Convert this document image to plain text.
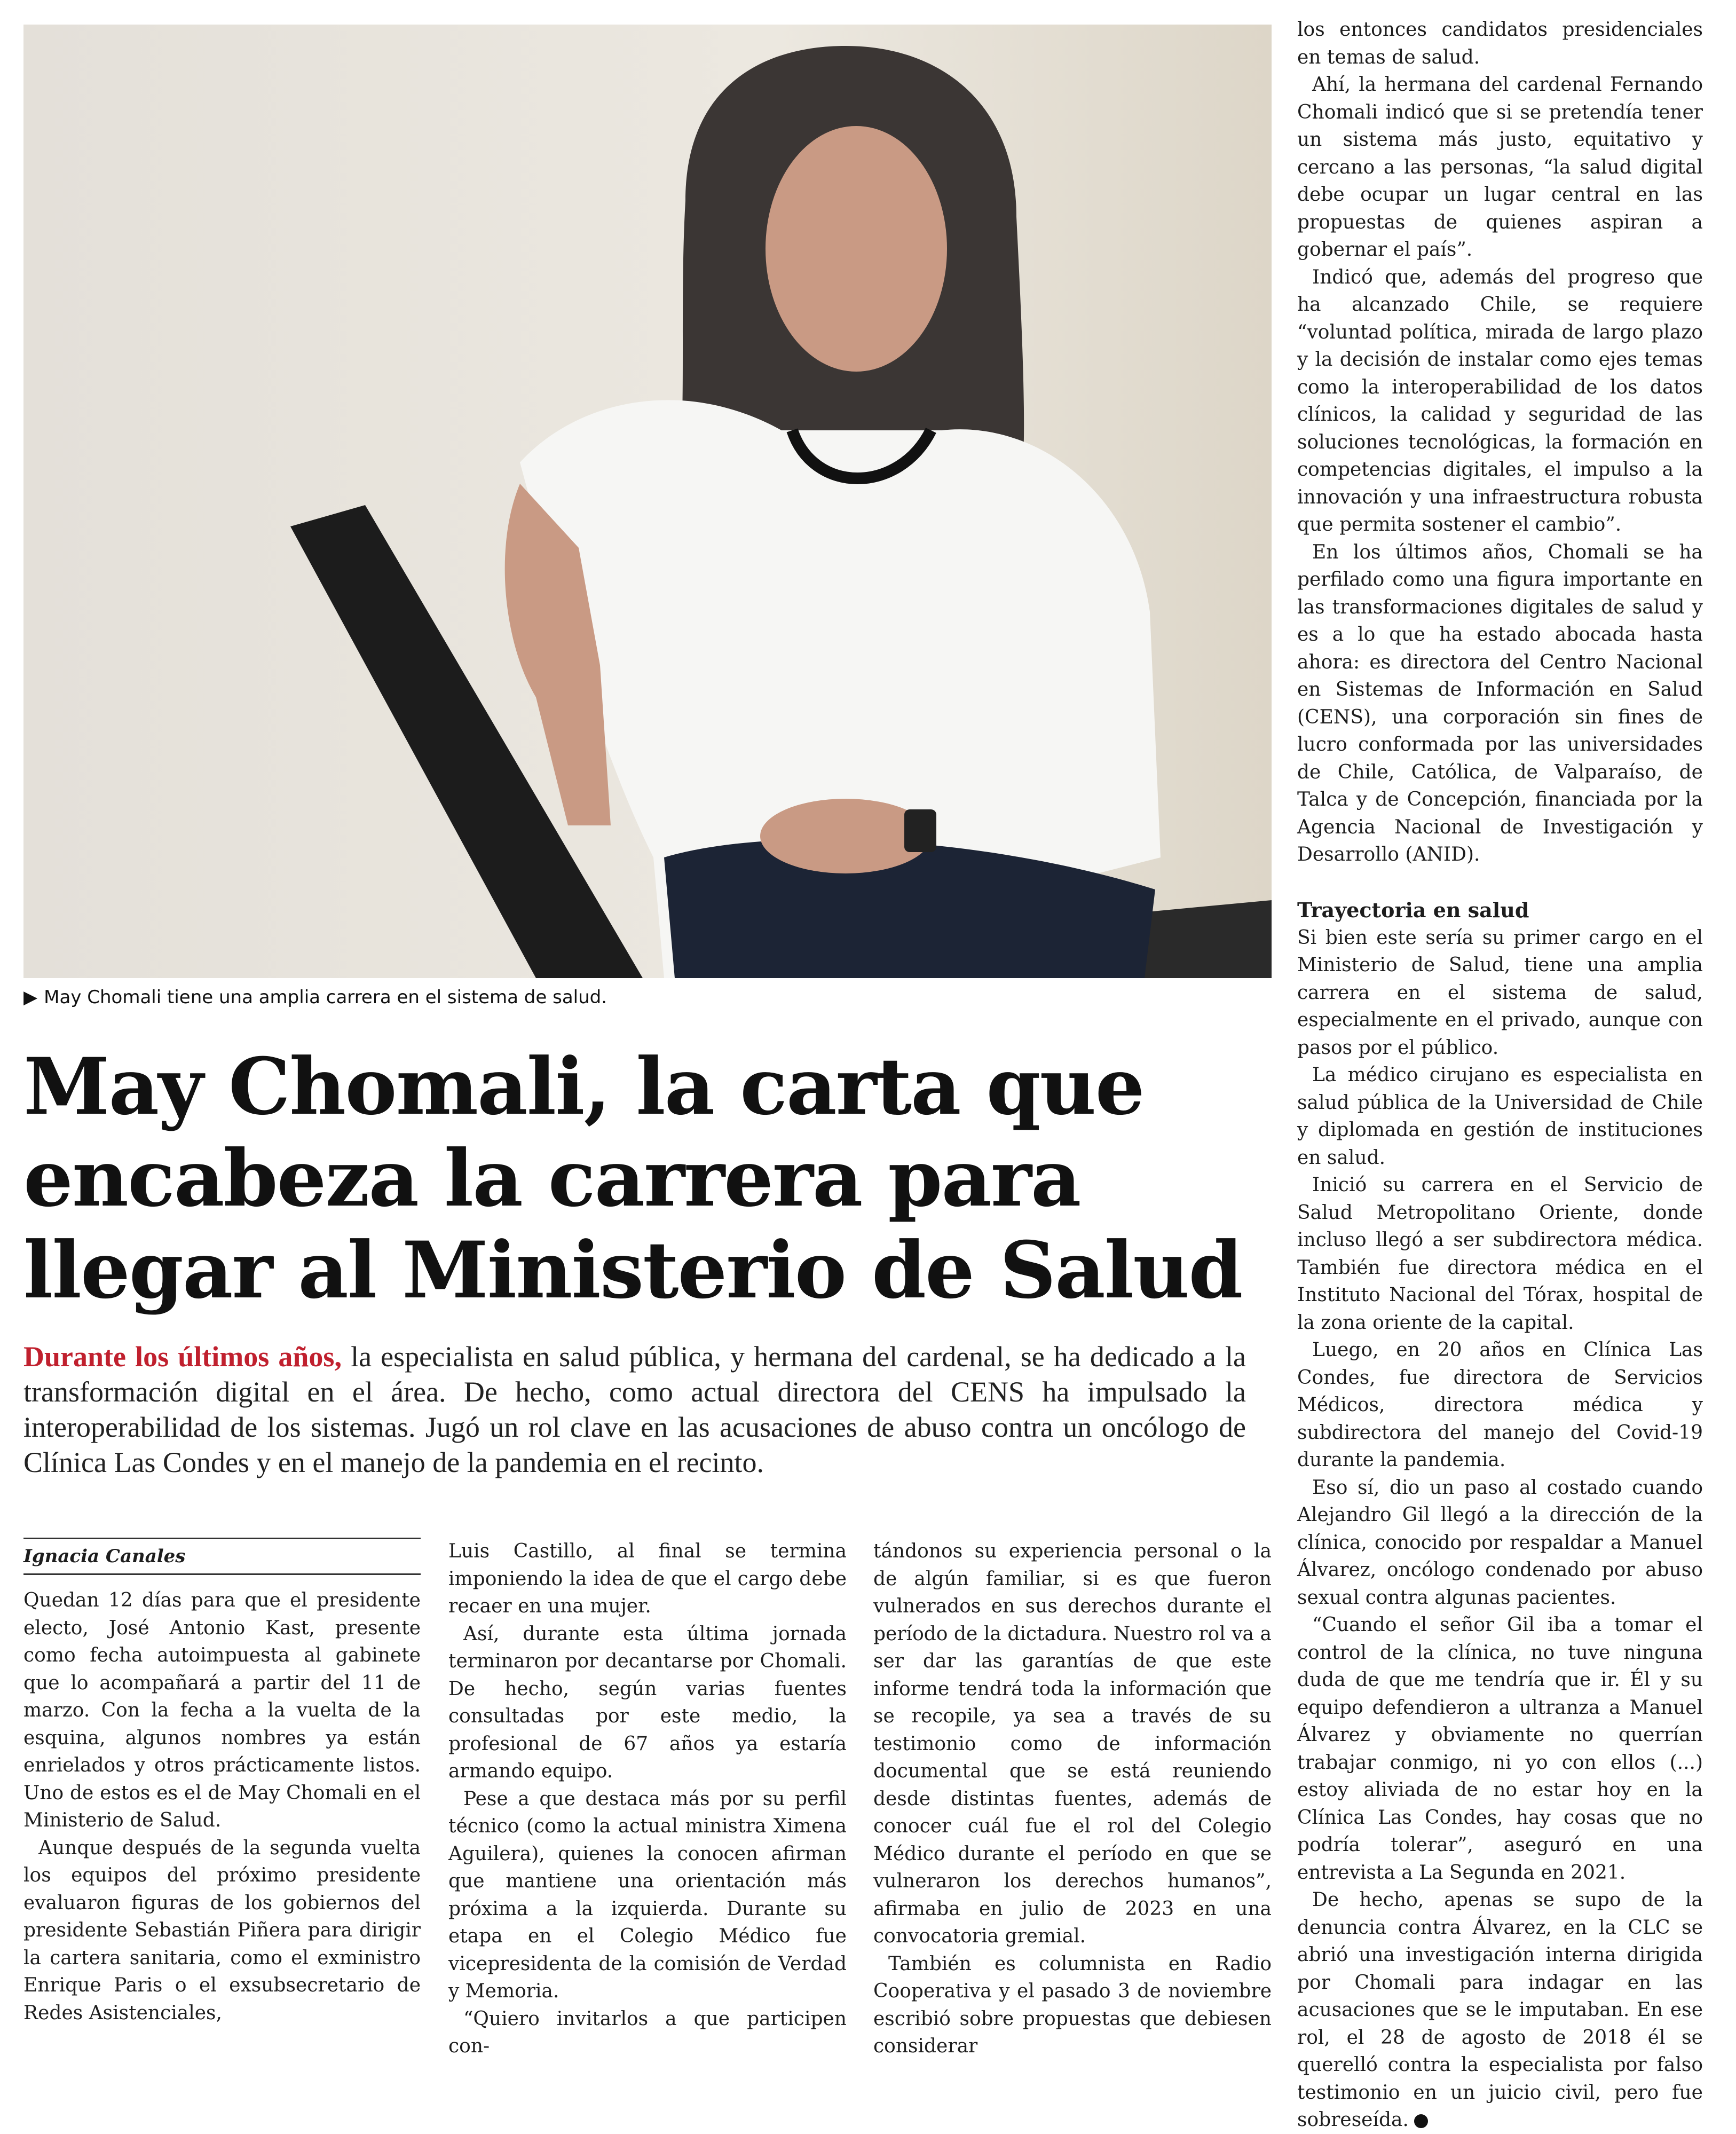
▶ May Chomali tiene una amplia carrera en el sistema de salud.
May Chomali, la carta que
encabeza la carrera para
llegar al Ministerio de Salud

Durante los últimos años, la especialista en salud pública, y hermana del cardenal, se ha dedicado a la transformación digital en el área. De hecho, como actual directora del CENS ha impulsado la interoperabilidad de los sistemas. Jugó un rol clave en las acusaciones de abuso contra un oncólogo de Clínica Las Condes y en el manejo de la pandemia en el recinto.

Ignacia Canales

Quedan 12 días para que el presidente electo, José Antonio Kast, presente como fecha autoimpuesta al gabinete que lo acompañará a partir del 11 de marzo. Con la fecha a la vuelta de la esquina, algunos nombres ya están enrielados y otros prácticamente listos. Uno de estos es el de May Chomali en el Ministerio de Salud.

Aunque después de la segunda vuelta los equipos del próximo presidente evaluaron figuras de los gobiernos del presidente Sebastián Piñera para dirigir la cartera sanitaria, como el exministro Enrique Paris o el exsubsecretario de Redes Asistenciales,

Luis Castillo, al final se termina imponiendo la idea de que el cargo debe recaer en una mujer.

Así, durante esta última jornada terminaron por decantarse por Chomali. De hecho, según varias fuentes consultadas por este medio, la profesional de 67 años ya estaría armando equipo.

Pese a que destaca más por su perfil técnico (como la actual ministra Ximena Aguilera), quienes la conocen afirman que mantiene una orientación más próxima a la izquierda. Durante su etapa en el Colegio Médico fue vicepresidenta de la comisión de Verdad y Memoria.

“Quiero invitarlos a que participen con-

tándonos su experiencia personal o la de algún familiar, si es que fueron vulnerados en sus derechos durante el período de la dictadura. Nuestro rol va a ser dar las garantías de que este informe tendrá toda la información que se recopile, ya sea a través de su testimonio como de información documental que se está reuniendo desde distintas fuentes, además de conocer cuál fue el rol del Colegio Médico durante el período en que se vulneraron los derechos humanos”, afirmaba en julio de 2023 en una convocatoria gremial.

También es columnista en Radio Cooperativa y el pasado 3 de noviembre escribió sobre propuestas que debiesen considerar

los entonces candidatos presidenciales en temas de salud.

Ahí, la hermana del cardenal Fernando Chomali indicó que si se pretendía tener un sistema más justo, equitativo y cercano a las personas, “la salud digital debe ocupar un lugar central en las propuestas de quienes aspiran a gobernar el país”.

Indicó que, además del progreso que ha alcanzado Chile, se requiere “voluntad política, mirada de largo plazo y la decisión de instalar como ejes temas como la interoperabilidad de los datos clínicos, la calidad y seguridad de las soluciones tecnológicas, la formación en competencias digitales, el impulso a la innovación y una infraestructura robusta que permita sostener el cambio”.

En los últimos años, Chomali se ha perfilado como una figura importante en las transformaciones digitales de salud y es a lo que ha estado abocada hasta ahora: es directora del Centro Nacional en Sistemas de Información en Salud (CENS), una corporación sin fines de lucro conformada por las universidades de Chile, Católica, de Valparaíso, de Talca y de Concepción, financiada por la Agencia Nacional de Investigación y Desarrollo (ANID).

Trayectoria en salud

Si bien este sería su primer cargo en el Ministerio de Salud, tiene una amplia carrera en el sistema de salud, especialmente en el privado, aunque con pasos por el público.

La médico cirujano es especialista en salud pública de la Universidad de Chile y diplomada en gestión de instituciones en salud.

Inició su carrera en el Servicio de Salud Metropolitano Oriente, donde incluso llegó a ser subdirectora médica. También fue directora médica en el Instituto Nacional del Tórax, hospital de la zona oriente de la capital.

Luego, en 20 años en Clínica Las Condes, fue directora de Servicios Médicos, directora médica y subdirectora del manejo del Covid-19 durante la pandemia.

Eso sí, dio un paso al costado cuando Alejandro Gil llegó a la dirección de la clínica, conocido por respaldar a Manuel Álvarez, oncólogo condenado por abuso sexual contra algunas pacientes.

“Cuando el señor Gil iba a tomar el control de la clínica, no tuve ninguna duda de que me tendría que ir. Él y su equipo defendieron a ultranza a Manuel Álvarez y obviamente no querrían trabajar conmigo, ni yo con ellos (...) estoy aliviada de no estar hoy en la Clínica Las Condes, hay cosas que no podría tolerar”, aseguró en una entrevista a La Segunda en 2021.

De hecho, apenas se supo de la denuncia contra Álvarez, en la CLC se abrió una investigación interna dirigida por Chomali para indagar en las acusaciones que se le imputaban. En ese rol, el 28 de agosto de 2018 él se querelló contra la especialista por falso testimonio en un juicio civil, pero fue sobreseída.
